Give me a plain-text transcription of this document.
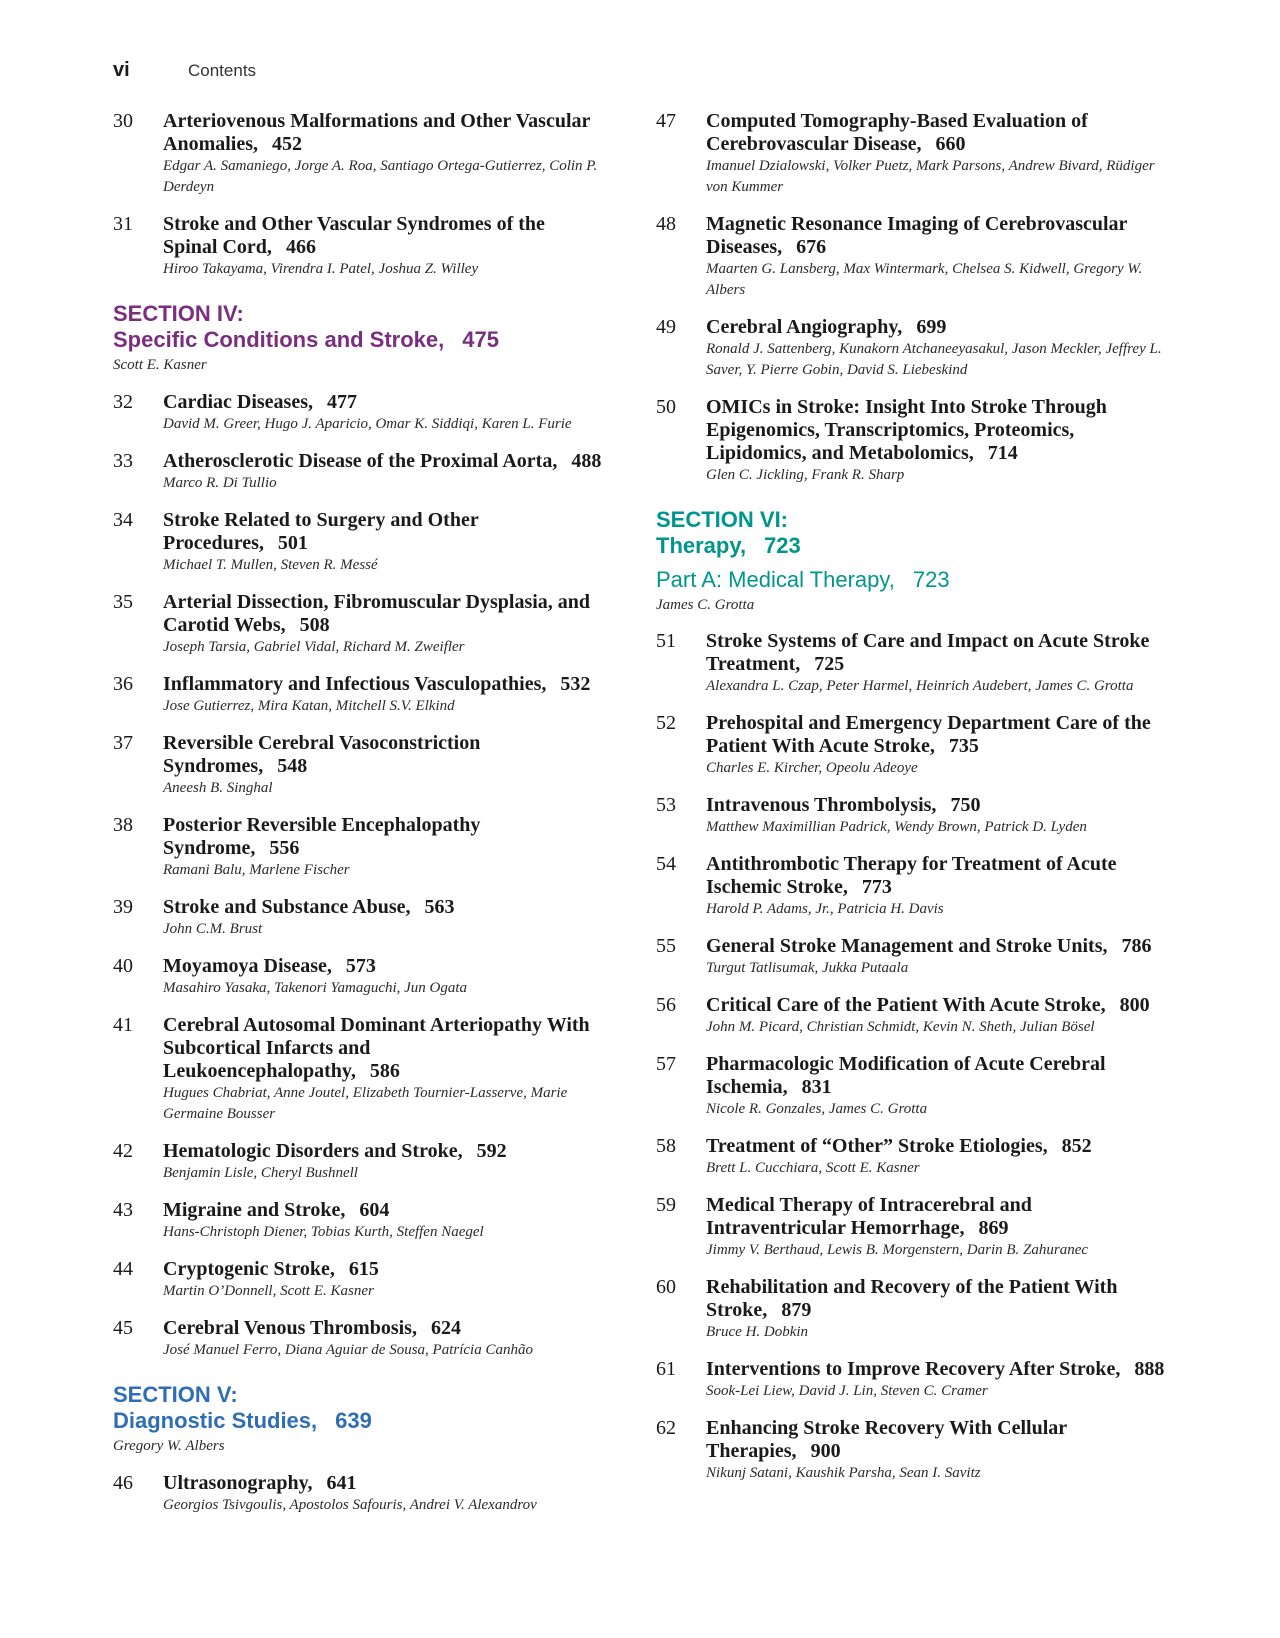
vi	Contents
30	Arteriovenous Malformations and Other Vascular Anomalies, 452
Edgar A. Samaniego, Jorge A. Roa, Santiago Ortega-Gutierrez, Colin P. Derdeyn
31	Stroke and Other Vascular Syndromes of the Spinal Cord, 466
Hiroo Takayama, Virendra I. Patel, Joshua Z. Willey
SECTION IV:
Specific Conditions and Stroke, 475
Scott E. Kasner
32	Cardiac Diseases, 477
David M. Greer, Hugo J. Aparicio, Omar K. Siddiqi, Karen L. Furie
33	Atherosclerotic Disease of the Proximal Aorta, 488
Marco R. Di Tullio
34	Stroke Related to Surgery and Other Procedures, 501
Michael T. Mullen, Steven R. Messé
35	Arterial Dissection, Fibromuscular Dysplasia, and Carotid Webs, 508
Joseph Tarsia, Gabriel Vidal, Richard M. Zweifler
36	Inflammatory and Infectious Vasculopathies, 532
Jose Gutierrez, Mira Katan, Mitchell S.V. Elkind
37	Reversible Cerebral Vasoconstriction Syndromes, 548
Aneesh B. Singhal
38	Posterior Reversible Encephalopathy Syndrome, 556
Ramani Balu, Marlene Fischer
39	Stroke and Substance Abuse, 563
John C.M. Brust
40	Moyamoya Disease, 573
Masahiro Yasaka, Takenori Yamaguchi, Jun Ogata
41	Cerebral Autosomal Dominant Arteriopathy With Subcortical Infarcts and Leukoencephalopathy, 586
Hugues Chabriat, Anne Joutel, Elizabeth Tournier-Lasserve, Marie Germaine Bousser
42	Hematologic Disorders and Stroke, 592
Benjamin Lisle, Cheryl Bushnell
43	Migraine and Stroke, 604
Hans-Christoph Diener, Tobias Kurth, Steffen Naegel
44	Cryptogenic Stroke, 615
Martin O’Donnell, Scott E. Kasner
45	Cerebral Venous Thrombosis, 624
José Manuel Ferro, Diana Aguiar de Sousa, Patrícia Canhão
SECTION V:
Diagnostic Studies, 639
Gregory W. Albers
46	Ultrasonography, 641
Georgios Tsivgoulis, Apostolos Safouris, Andrei V. Alexandrov
47	Computed Tomography-Based Evaluation of Cerebrovascular Disease, 660
Imanuel Dzialowski, Volker Puetz, Mark Parsons, Andrew Bivard, Rüdiger von Kummer
48	Magnetic Resonance Imaging of Cerebrovascular Diseases, 676
Maarten G. Lansberg, Max Wintermark, Chelsea S. Kidwell, Gregory W. Albers
49	Cerebral Angiography, 699
Ronald J. Sattenberg, Kunakorn Atchaneeyasakul, Jason Meckler, Jeffrey L. Saver, Y. Pierre Gobin, David S. Liebeskind
50	OMICs in Stroke: Insight Into Stroke Through Epigenomics, Transcriptomics, Proteomics, Lipidomics, and Metabolomics, 714
Glen C. Jickling, Frank R. Sharp
SECTION VI:
Therapy, 723
Part A: Medical Therapy, 723
James C. Grotta
51	Stroke Systems of Care and Impact on Acute Stroke Treatment, 725
Alexandra L. Czap, Peter Harmel, Heinrich Audebert, James C. Grotta
52	Prehospital and Emergency Department Care of the Patient With Acute Stroke, 735
Charles E. Kircher, Opeolu Adeoye
53	Intravenous Thrombolysis, 750
Matthew Maximillian Padrick, Wendy Brown, Patrick D. Lyden
54	Antithrombotic Therapy for Treatment of Acute Ischemic Stroke, 773
Harold P. Adams, Jr., Patricia H. Davis
55	General Stroke Management and Stroke Units, 786
Turgut Tatlisumak, Jukka Putaala
56	Critical Care of the Patient With Acute Stroke, 800
John M. Picard, Christian Schmidt, Kevin N. Sheth, Julian Bösel
57	Pharmacologic Modification of Acute Cerebral Ischemia, 831
Nicole R. Gonzales, James C. Grotta
58	Treatment of “Other” Stroke Etiologies, 852
Brett L. Cucchiara, Scott E. Kasner
59	Medical Therapy of Intracerebral and Intraventricular Hemorrhage, 869
Jimmy V. Berthaud, Lewis B. Morgenstern, Darin B. Zahuranec
60	Rehabilitation and Recovery of the Patient With Stroke, 879
Bruce H. Dobkin
61	Interventions to Improve Recovery After Stroke, 888
Sook-Lei Liew, David J. Lin, Steven C. Cramer
62	Enhancing Stroke Recovery With Cellular Therapies, 900
Nikunj Satani, Kaushik Parsha, Sean I. Savitz
